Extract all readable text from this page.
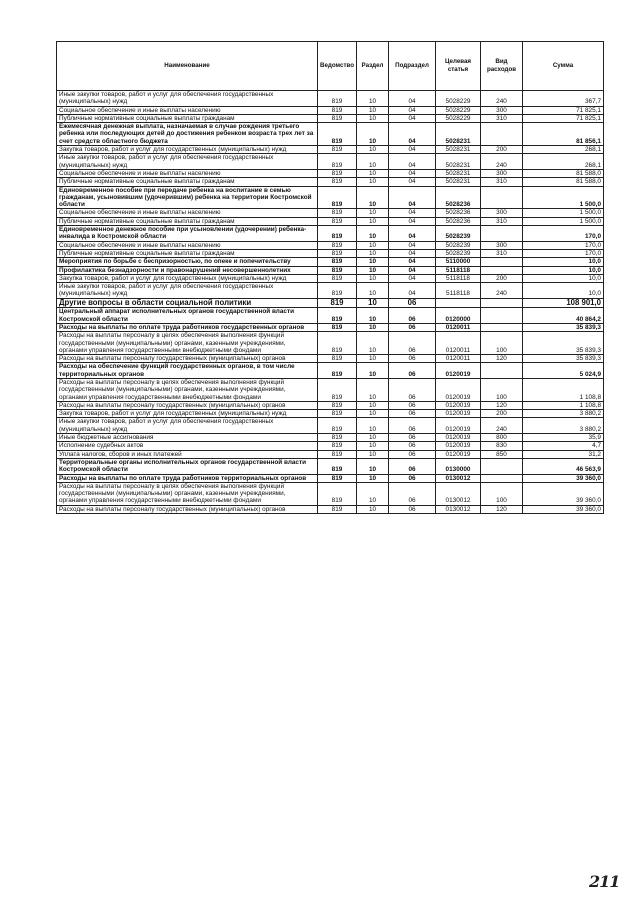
Наименование	Ведомство	Раздел	Подраздел	Целевая статья	Вид расходов	Сумма
Иные закупки товаров, работ и услуг для обеспечения государственных (муниципальных) нужд	819	10	04	5028229	240	367,7
Социальное обеспечение и иные выплаты населению	819	10	04	5028229	300	71 825,1
Публичные нормативные социальные выплаты гражданам	819	10	04	5028229	310	71 825,1
Ежемесячная денежная выплата, назначаемая в случае рождения третьего ребенка или последующих детей до достижения ребенком возраста трех лет за счет средств областного бюджета	819	10	04	5028231		81 856,1
Закупка товаров, работ и услуг для государственных (муниципальных) нужд	819	10	04	5028231	200	268,1
Иные закупки товаров, работ и услуг для обеспечения государственных (муниципальных) нужд	819	10	04	5028231	240	268,1
Социальное обеспечение и иные выплаты населению	819	10	04	5028231	300	81 588,0
Публичные нормативные социальные выплаты гражданам	819	10	04	5028231	310	81 588,0
Единовременное пособие при передаче ребенка на воспитание в семью гражданам, усыновившим (удочерившим) ребенка на территории Костромской области	819	10	04	5028236		1 500,0
Социальное обеспечение и иные выплаты населению	819	10	04	5028236	300	1 500,0
Публичные нормативные социальные выплаты гражданам	819	10	04	5028236	310	1 500,0
Единовременное денежное пособие при усыновлении (удочерении) ребенка-инвалида в Костромской области	819	10	04	5028239		170,0
Социальное обеспечение и иные выплаты населению	819	10	04	5028239	300	170,0
Публичные нормативные социальные выплаты гражданам	819	10	04	5028239	310	170,0
Мероприятия по борьбе с беспризорностью, по опеке и попечительству	819	10	04	5110000		10,0
Профилактика безнадзорности и правонарушений несовершеннолетних	819	10	04	5118118		10,0
Закупка товаров, работ и услуг для государственных (муниципальных) нужд	819	10	04	5118118	200	10,0
Иные закупки товаров, работ и услуг для обеспечения государственных (муниципальных) нужд	819	10	04	5118118	240	10,0
Другие вопросы в области социальной политики	819	10	06			108 901,0
Центральный аппарат исполнительных органов государственной власти Костромской области	819	10	06	0120000		40 864,2
Расходы на выплаты по оплате труда работников государственных органов	819	10	06	0120011		35 839,3
Расходы на выплаты персоналу в целях обеспечения выполнения функций государственными (муниципальными) органами, казенными учреждениями, органами управления государственными внебюджетными фондами	819	10	06	0120011	100	35 839,3
Расходы на выплаты персоналу государственных (муниципальных) органов	819	10	06	0120011	120	35 839,3
Расходы на обеспечение функций государственных органов, в том числе территориальных органов	819	10	06	0120019		5 024,9
Расходы на выплаты персоналу в целях обеспечения выполнения функций государственными (муниципальными) органами, казенными учреждениями, органами управления государственными внебюджетными фондами	819	10	06	0120019	100	1 108,8
Расходы на выплаты персоналу государственных (муниципальных) органов	819	10	06	0120019	120	1 108,8
Закупка товаров, работ и услуг для государственных (муниципальных) нужд	819	10	06	0120019	200	3 880,2
Иные закупки товаров, работ и услуг для обеспечения государственных (муниципальных) нужд	819	10	06	0120019	240	3 880,2
Иные бюджетные ассигнования	819	10	06	0120019	800	35,9
Исполнение судебных актов	819	10	06	0120019	830	4,7
Уплата налогов, сборов и иных платежей	819	10	06	0120019	850	31,2
Территориальные органы исполнительных органов государственной власти Костромской области	819	10	06	0130000		46 563,9
Расходы на выплаты по оплате труда работников территориальных органов	819	10	06	0130012		39 360,0
Расходы на выплаты персоналу в целях обеспечения выполнения функций государственными (муниципальными) органами, казенными учреждениями, органами управления государственными внебюджетными фондами	819	10	06	0130012	100	39 360,0
Расходы на выплаты персоналу государственных (муниципальных) органов	819	10	06	0130012	120	39 360,0
211
